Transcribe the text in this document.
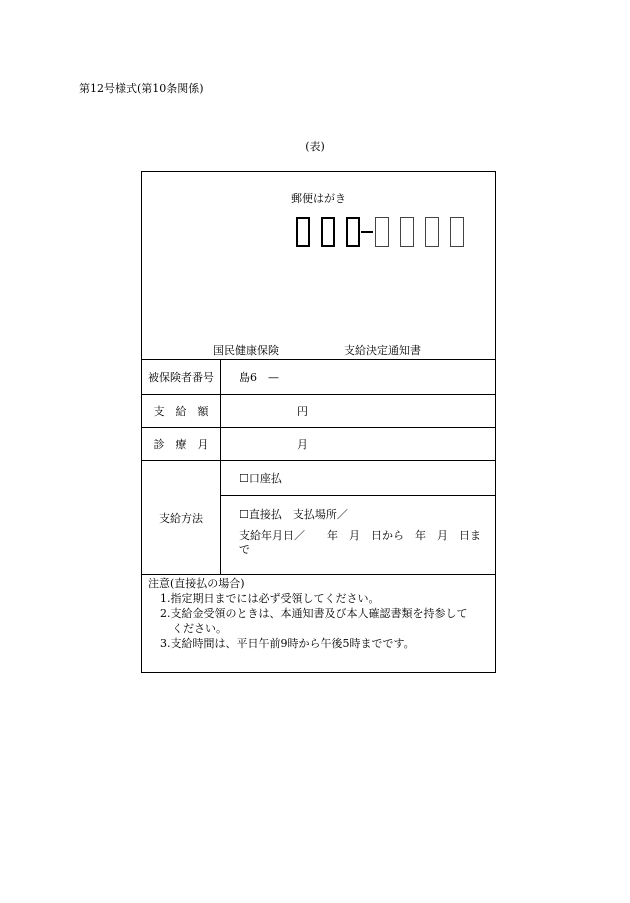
第12号様式(第10条関係)
(表)
郵便はがき
国民健康保険	支給決定通知書
被保険者番号	島6　—
支　給　額	円
診　療　月	月
支給方法	☐口座払

	☐直接払　支払場所／
支給年月日／　　年　月　日から　年　月　日まで
注意(直接払の場合)
1.指定期日までには必ず受領してください。
2.支給金受領のときは、本通知書及び本人確認書類を持参して
ください。
3.支給時間は、平日午前9時から午後5時までです。
